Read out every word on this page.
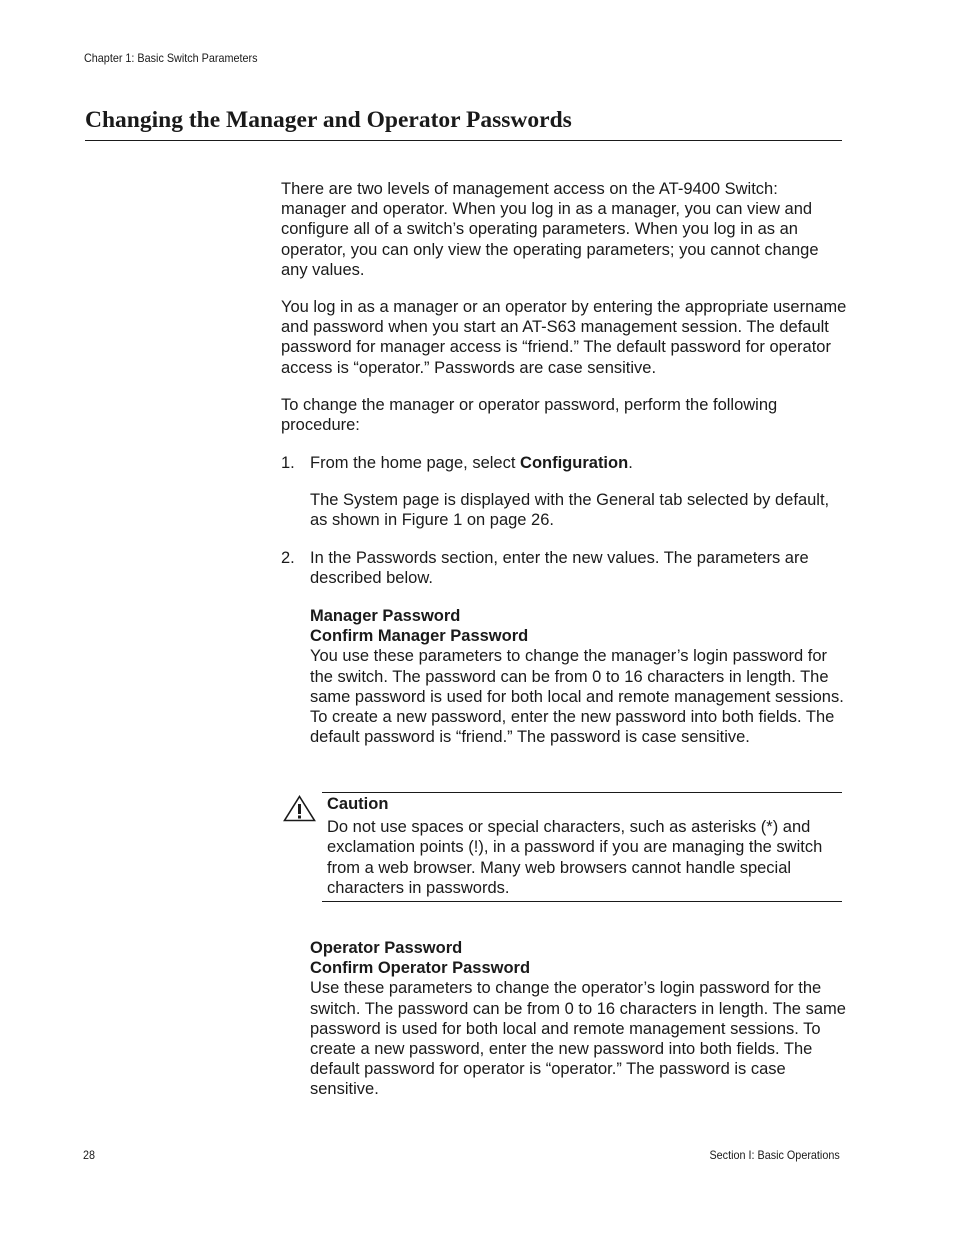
Chapter 1: Basic Switch Parameters
Changing the Manager and Operator Passwords

There are two levels of management access on the AT-9400 Switch: manager and operator. When you log in as a manager, you can view and configure all of a switch’s operating parameters. When you log in as an operator, you can only view the operating parameters; you cannot change any values.

You log in as a manager or an operator by entering the appropriate username and password when you start an AT-S63 management session. The default password for manager access is “friend.” The default password for operator access is “operator.” Passwords are case sensitive.

To change the manager or operator password, perform the following procedure:

1. From the home page, select Configuration.

The System page is displayed with the General tab selected by default, as shown in Figure 1 on page 26.

2. In the Passwords section, enter the new values. The parameters are described below.

Manager Password

Confirm Manager Password

You use these parameters to change the manager’s login password for the switch. The password can be from 0 to 16 characters in length. The same password is used for both local and remote management sessions. To create a new password, enter the new password into both fields. The default password is “friend.” The password is case sensitive.

Caution

Do not use spaces or special characters, such as asterisks (*) and exclamation points (!), in a password if you are managing the switch from a web browser. Many web browsers cannot handle special characters in passwords.

Operator Password

Confirm Operator Password

Use these parameters to change the operator’s login password for the switch. The password can be from 0 to 16 characters in length. The same password is used for both local and remote management sessions. To create a new password, enter the new password into both fields. The default password for operator is “operator.” The password is case sensitive.

28	Section I: Basic Operations
